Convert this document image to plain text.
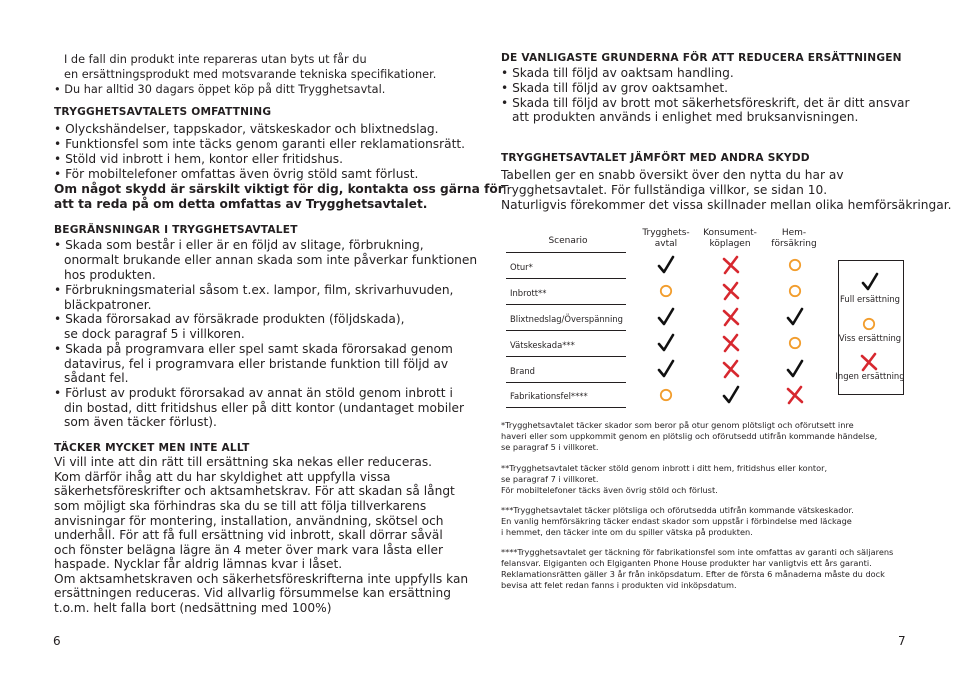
I de fall din produkt inte repareras utan byts ut får du
en ersättningsprodukt med motsvarande tekniska specifikationer.
• Du har alltid 30 dagars öppet köp på ditt Trygghetsavtal.
TRYGGHETSAVTALETS OMFATTNING
• Olyckshändelser, tappskador, vätskeskador och blixtnedslag.
• Funktionsfel som inte täcks genom garanti eller reklamationsrätt.
• Stöld vid inbrott i hem, kontor eller fritidshus.
• För mobiltelefoner omfattas även övrig stöld samt förlust.
Om något skydd är särskilt viktigt för dig, kontakta oss gärna för
att ta reda på om detta omfattas av Trygghetsavtalet.
BEGRÄNSNINGAR I TRYGGHETSAVTALET
• Skada som består i eller är en följd av slitage, förbrukning,
onormalt brukande eller annan skada som inte påverkar funktionen
hos produkten.
• Förbrukningsmaterial såsom t.ex. lampor, film, skrivarhuvuden,
bläckpatroner.
• Skada förorsakad av försäkrade produkten (följdskada),
se dock paragraf 5 i villkoren.
• Skada på programvara eller spel samt skada förorsakad genom
datavirus, fel i programvara eller bristande funktion till följd av
sådant fel.
• Förlust av produkt förorsakad av annat än stöld genom inbrott i
din bostad, ditt fritidshus eller på ditt kontor (undantaget mobiler
som även täcker förlust).
TÄCKER MYCKET MEN INTE ALLT
Vi vill inte att din rätt till ersättning ska nekas eller reduceras.
Kom därför ihåg att du har skyldighet att uppfylla vissa
säkerhetsföreskrifter och aktsamhetskrav. För att skadan så långt
som möjligt ska förhindras ska du se till att följa tillverkarens
anvisningar för montering, installation, användning, skötsel och
underhåll. För att få full ersättning vid inbrott, skall dörrar såväl
och fönster belägna lägre än 4 meter över mark vara låsta eller
haspade. Nycklar får aldrig lämnas kvar i låset.
Om aktsamhetskraven och säkerhetsföreskrifterna inte uppfylls kan
ersättningen reduceras. Vid allvarlig försummelse kan ersättning
t.o.m. helt falla bort (nedsättning med 100%)
6
DE VANLIGASTE GRUNDERNA FÖR ATT REDUCERA ERSÄTTNINGEN
• Skada till följd av oaktsam handling.
• Skada till följd av grov oaktsamhet.
• Skada till följd av brott mot säkerhetsföreskrift, det är ditt ansvar
att produkten används i enlighet med bruksanvisningen.
TRYGGHETSAVTALET JÄMFÖRT MED ANDRA SKYDD
Tabellen ger en snabb översikt över den nytta du har av
Trygghetsavtalet. För fullständiga villkor, se sidan 10.
Naturligvis förekommer det vissa skillnader mellan olika hemförsäkringar.
Scenario
Trygghets-
avtal
Konsument-
köplagen
Hem-
försäkring
Otur*
Inbrott**
Blixtnedslag/Överspänning
Vätskeskada***
Brand
Fabrikationsfel****
Full ersättning
Viss ersättning
Ingen ersättning
*Trygghetsavtalet täcker skador som beror på otur genom plötsligt och oförutsett inre
haveri eller som uppkommit genom en plötslig och oförutsedd utifrån kommande händelse,
se paragraf 5 i villkoret.
**Trygghetsavtalet täcker stöld genom inbrott i ditt hem, fritidshus eller kontor,
se paragraf 7 i villkoret.
För mobiltelefoner täcks även övrig stöld och förlust.
***Trygghetsavtalet täcker plötsliga och oförutsedda utifrån kommande vätskeskador.
En vanlig hemförsäkring täcker endast skador som uppstår i förbindelse med läckage
i hemmet, den täcker inte om du spiller vätska på produkten.
****Trygghetsavtalet ger täckning för fabrikationsfel som inte omfattas av garanti och säljarens
felansvar. Elgiganten och Elgiganten Phone House produkter har vanligtvis ett års garanti.
Reklamationsrätten gäller 3 år från inköpsdatum. Efter de första 6 månaderna måste du dock
bevisa att felet redan fanns i produkten vid inköpsdatum.
7
